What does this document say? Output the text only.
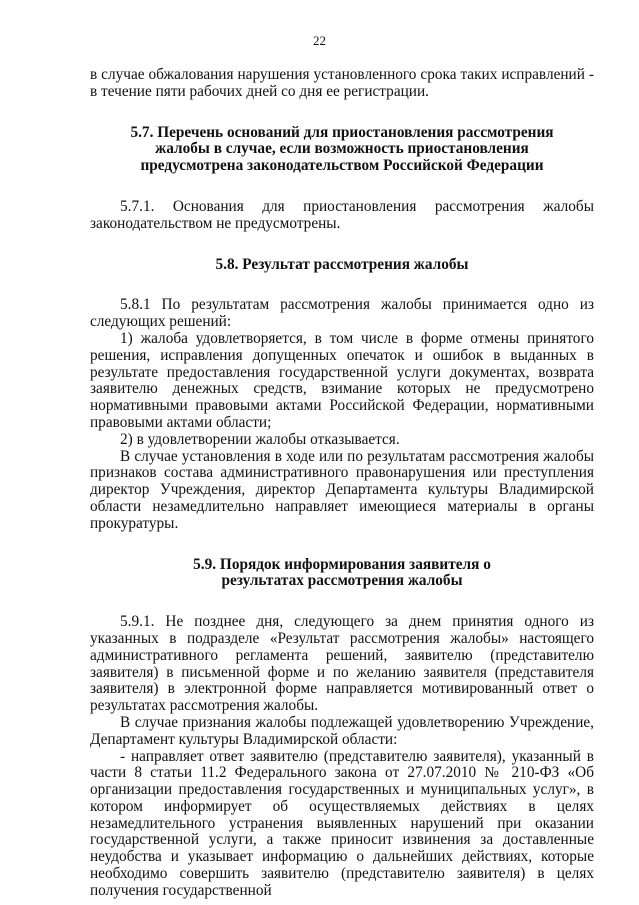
22

в случае обжалования нарушения установленного срока таких исправлений - в течение пяти рабочих дней со дня ее регистрации.

5.7. Перечень оснований для приостановления рассмотрения жалобы в случае, если возможность приостановления предусмотрена законодательством Российской Федерации

5.7.1. Основания для приостановления рассмотрения жалобы законодательством не предусмотрены.

5.8. Результат рассмотрения жалобы

5.8.1 По результатам рассмотрения жалобы принимается одно из следующих решений:

1) жалоба удовлетворяется, в том числе в форме отмены принятого решения, исправления допущенных опечаток и ошибок в выданных в результате предоставления государственной услуги документах, возврата заявителю денежных средств, взимание которых не предусмотрено нормативными правовыми актами Российской Федерации, нормативными правовыми актами области;

2) в удовлетворении жалобы отказывается.

В случае установления в ходе или по результатам рассмотрения жалобы признаков состава административного правонарушения или преступления директор Учреждения, директор Департамента культуры Владимирской области незамедлительно направляет имеющиеся материалы в органы прокуратуры.

5.9. Порядок информирования заявителя о результатах рассмотрения жалобы

5.9.1. Не позднее дня, следующего за днем принятия одного из указанных в подразделе «Результат рассмотрения жалобы» настоящего административного регламента решений, заявителю (представителю заявителя) в письменной форме и по желанию заявителя (представителя заявителя) в электронной форме направляется мотивированный ответ о результатах рассмотрения жалобы.

В случае признания жалобы подлежащей удовлетворению Учреждение, Департамент культуры Владимирской области:

- направляет ответ заявителю (представителю заявителя), указанный в части 8 статьи 11.2 Федерального закона от 27.07.2010 № 210-ФЗ «Об организации предоставления государственных и муниципальных услуг», в котором информирует об осуществляемых действиях в целях незамедлительного устранения выявленных нарушений при оказании государственной услуги, а также приносит извинения за доставленные неудобства и указывает информацию о дальнейших действиях, которые необходимо совершить заявителю (представителю заявителя) в целях получения государственной
